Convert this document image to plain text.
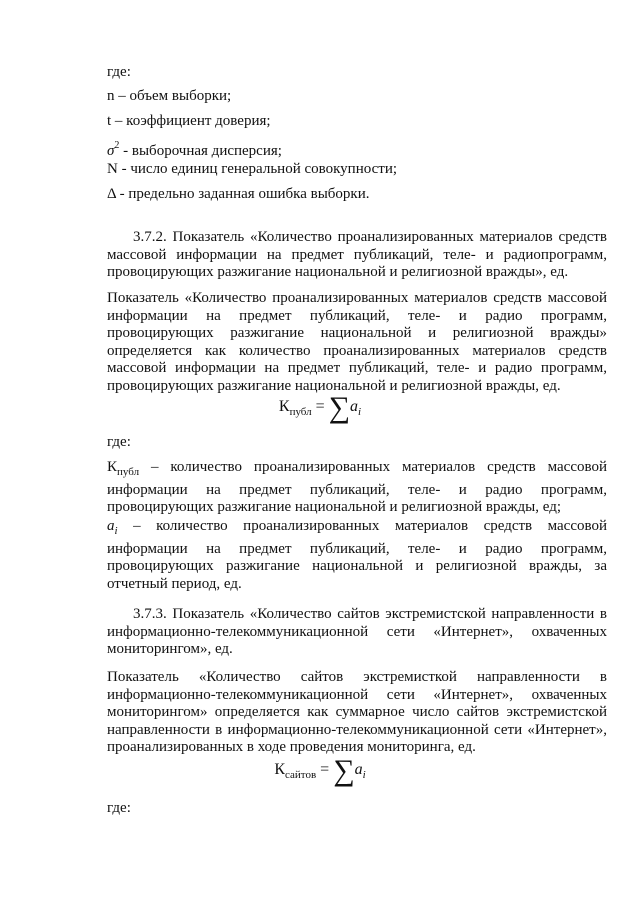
где:

n – объем выборки;

t – коэффициент доверия;

$\sigma^2$ - выборочная дисперсия;

N - число единиц генеральной совокупности;

Δ - предельно заданная ошибка выборки.

3.7.2. Показатель «Количество проанализированных материалов средств массовой информации на предмет публикаций, теле- и радиопрограмм, провоцирующих разжигание национальной и религиозной вражды», ед.

Показатель «Количество проанализированных материалов средств массовой информации на предмет публикаций, теле- и радио программ, провоцирующих разжигание национальной и религиозной вражды» определяется как количество проанализированных материалов средств массовой информации на предмет публикаций, теле- и радио программ, провоцирующих разжигание национальной и религиозной вражды, ед.

$К_{публ} = \sum a_i$

где:

$К_{публ}$ – количество проанализированных материалов средств массовой информации на предмет публикаций, теле- и радио программ, провоцирующих разжигание национальной и религиозной вражды, ед;

$a_i$ – количество проанализированных материалов средств массовой информации на предмет публикаций, теле- и радио программ, провоцирующих разжигание национальной и религиозной вражды, за отчетный период, ед.

3.7.3. Показатель «Количество сайтов экстремистской направленности в информационно-телекоммуникационной сети «Интернет», охваченных мониторингом», ед.

Показатель «Количество сайтов экстремисткой направленности в информационно-телекоммуникационной сети «Интернет», охваченных мониторингом» определяется как суммарное число сайтов экстремистской направленности в информационно-телекоммуникационной сети «Интернет», проанализированных в ходе проведения мониторинга, ед.

$К_{сайтов} = \sum a_i$

где:
